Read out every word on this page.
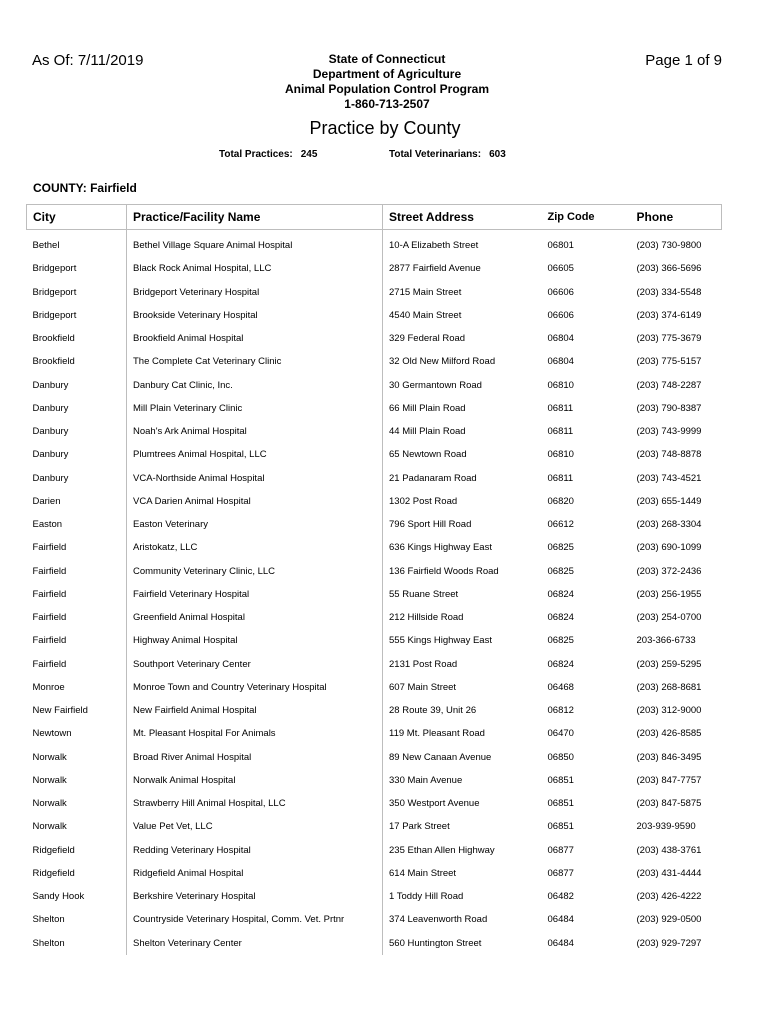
As Of: 7/11/2019	State of Connecticut
Department of Agriculture
Animal Population Control Program
1-860-713-2507
Page 1 of 9
Practice by County
Total Practices: 245	Total Veterinarians: 603
COUNTY: Fairfield
City	Practice/Facility Name	Street Address	Zip Code	Phone
Bethel	Bethel Village Square Animal Hospital	10-A Elizabeth Street	06801	(203) 730-9800
Bridgeport	Black Rock Animal Hospital, LLC	2877 Fairfield Avenue	06605	(203) 366-5696
Bridgeport	Bridgeport Veterinary Hospital	2715 Main Street	06606	(203) 334-5548
Bridgeport	Brookside Veterinary Hospital	4540 Main Street	06606	(203) 374-6149
Brookfield	Brookfield Animal Hospital	329 Federal Road	06804	(203) 775-3679
Brookfield	The Complete Cat Veterinary Clinic	32 Old New Milford Road	06804	(203) 775-5157
Danbury	Danbury Cat Clinic, Inc.	30 Germantown Road	06810	(203) 748-2287
Danbury	Mill Plain Veterinary Clinic	66 Mill Plain Road	06811	(203) 790-8387
Danbury	Noah's Ark Animal Hospital	44 Mill Plain Road	06811	(203) 743-9999
Danbury	Plumtrees Animal Hospital, LLC	65 Newtown Road	06810	(203) 748-8878
Danbury	VCA-Northside Animal Hospital	21 Padanaram Road	06811	(203) 743-4521
Darien	VCA Darien Animal Hospital	1302 Post Road	06820	(203) 655-1449
Easton	Easton Veterinary	796 Sport Hill Road	06612	(203) 268-3304
Fairfield	Aristokatz, LLC	636 Kings Highway East	06825	(203) 690-1099
Fairfield	Community Veterinary Clinic, LLC	136 Fairfield Woods Road	06825	(203) 372-2436
Fairfield	Fairfield Veterinary Hospital	55 Ruane Street	06824	(203) 256-1955
Fairfield	Greenfield Animal Hospital	212 Hillside Road	06824	(203) 254-0700
Fairfield	Highway Animal Hospital	555 Kings Highway East	06825	203-366-6733
Fairfield	Southport Veterinary Center	2131 Post Road	06824	(203) 259-5295
Monroe	Monroe Town and Country Veterinary Hospital	607 Main Street	06468	(203) 268-8681
New Fairfield	New Fairfield Animal Hospital	28 Route 39, Unit 26	06812	(203) 312-9000
Newtown	Mt. Pleasant Hospital For Animals	119 Mt. Pleasant Road	06470	(203) 426-8585
Norwalk	Broad River Animal Hospital	89 New Canaan Avenue	06850	(203) 846-3495
Norwalk	Norwalk Animal Hospital	330 Main Avenue	06851	(203) 847-7757
Norwalk	Strawberry Hill Animal Hospital, LLC	350 Westport Avenue	06851	(203) 847-5875
Norwalk	Value Pet Vet, LLC	17 Park Street	06851	203-939-9590
Ridgefield	Redding Veterinary Hospital	235 Ethan Allen Highway	06877	(203) 438-3761
Ridgefield	Ridgefield Animal Hospital	614 Main Street	06877	(203) 431-4444
Sandy Hook	Berkshire Veterinary Hospital	1 Toddy Hill Road	06482	(203) 426-4222
Shelton	Countryside Veterinary Hospital, Comm. Vet. Prtnr	374 Leavenworth Road	06484	(203) 929-0500
Shelton	Shelton Veterinary Center	560 Huntington Street	06484	(203) 929-7297
